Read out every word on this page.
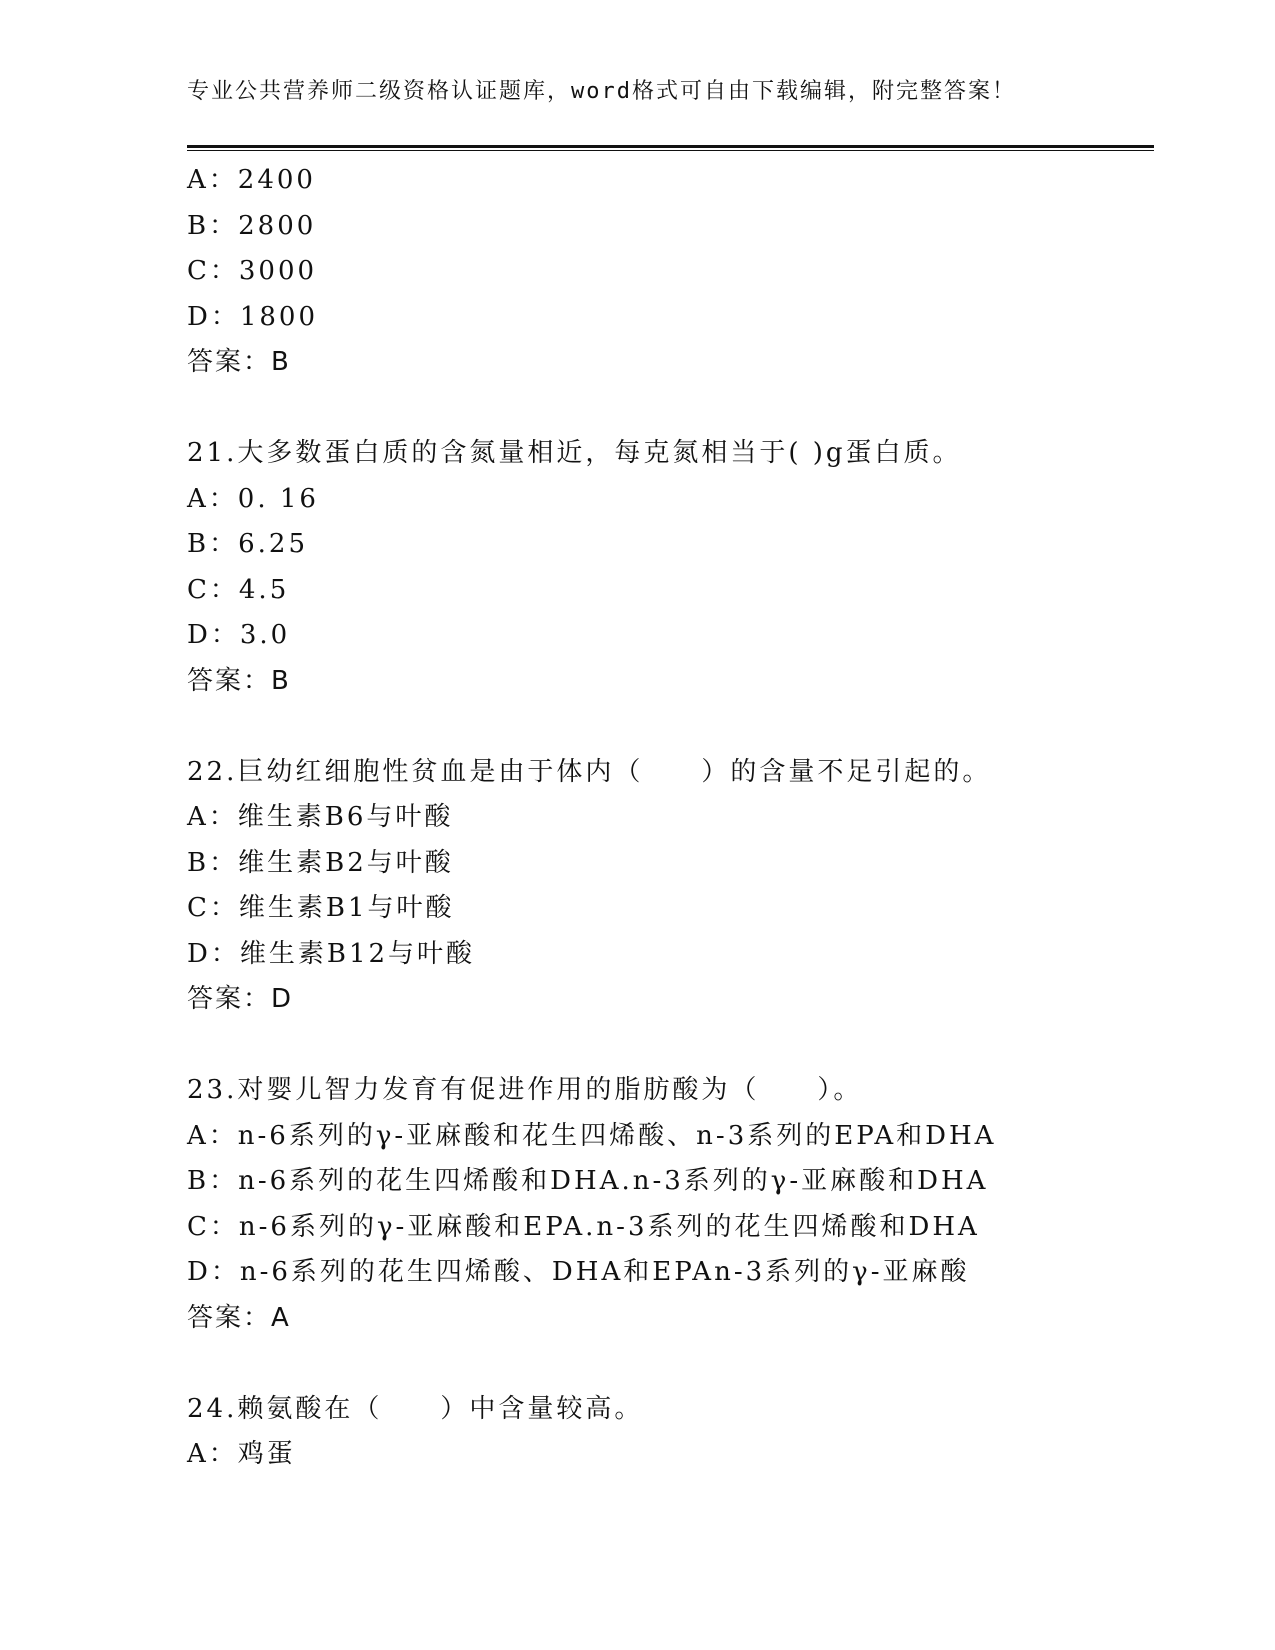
专业公共营养师二级资格认证题库，word格式可自由下载编辑，附完整答案！
A：2400
B：2800
C：3000
D：1800
答案：B
21.大多数蛋白质的含氮量相近，每克氮相当于( )g蛋白质。
A：0. 16
B：6.25
C：4.5
D：3.0
答案：B
22.巨幼红细胞性贫血是由于体内（　　）的含量不足引起的。
A：维生素B6与叶酸
B：维生素B2与叶酸
C：维生素B1与叶酸
D：维生素B12与叶酸
答案：D
23.对婴儿智力发育有促进作用的脂肪酸为（　　）。
A：n-6系列的γ-亚麻酸和花生四烯酸、n-3系列的EPA和DHA
B：n-6系列的花生四烯酸和DHA.n-3系列的γ-亚麻酸和DHA
C：n-6系列的γ-亚麻酸和EPA.n-3系列的花生四烯酸和DHA
D：n-6系列的花生四烯酸、DHA和EPAn-3系列的γ-亚麻酸
答案：A
24.赖氨酸在（　　）中含量较高。
A：鸡蛋
